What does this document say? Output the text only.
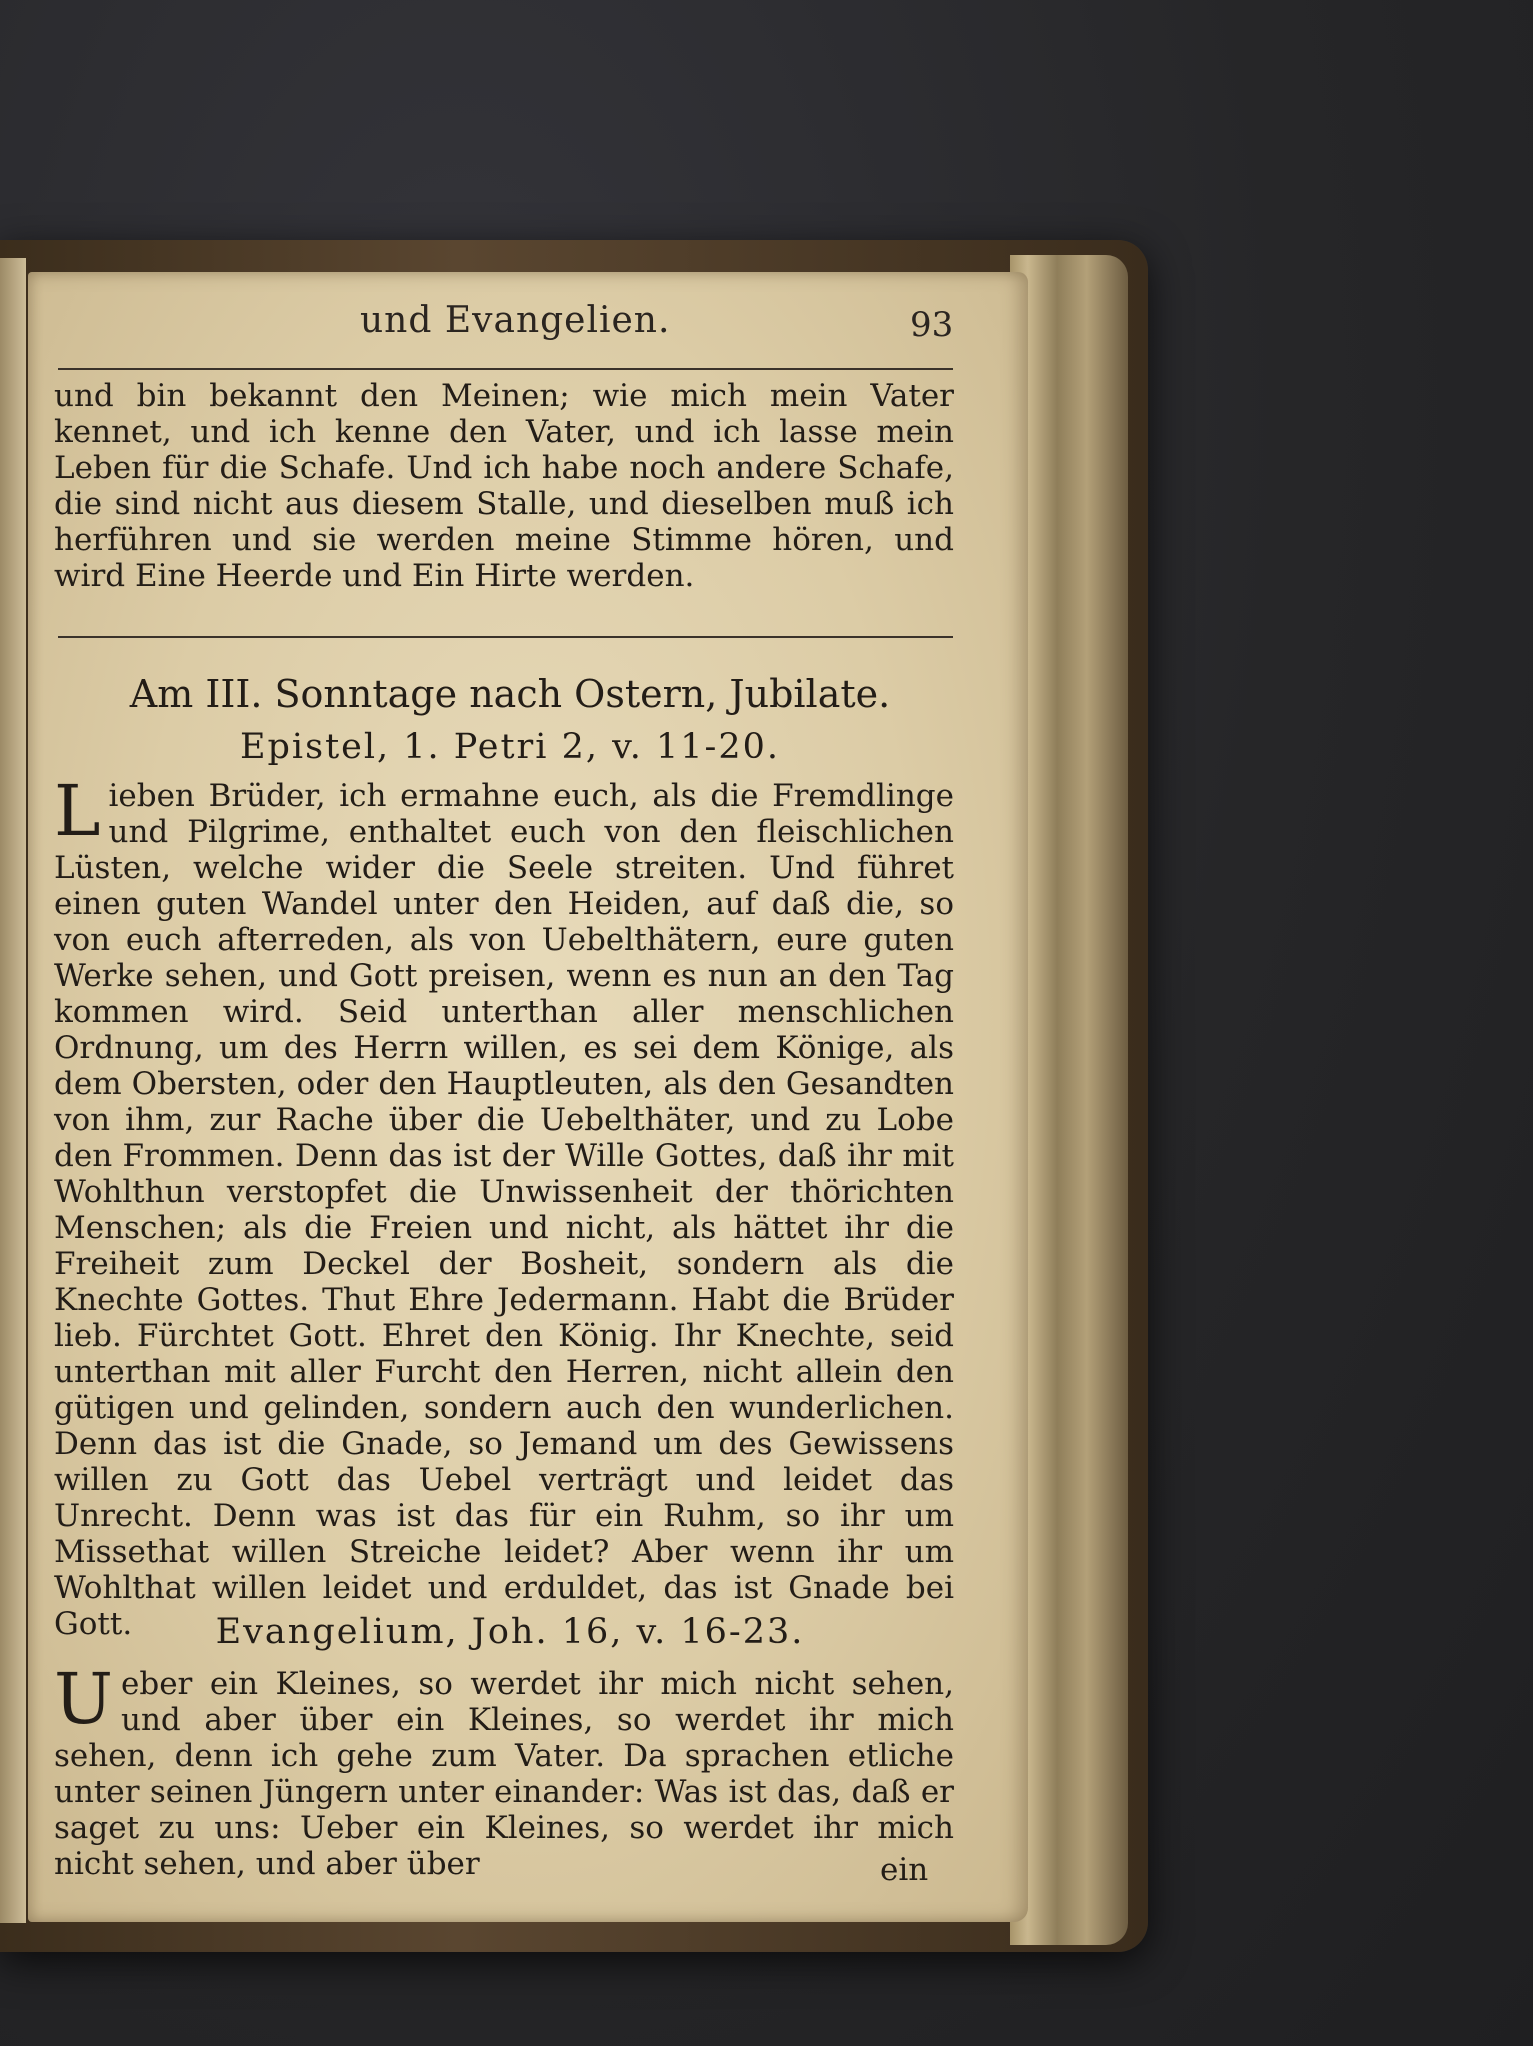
und Evangelien.	93

und bin bekannt den Meinen; wie mich mein Vater kennet, und ich kenne den Vater, und ich lasse mein Leben für die Schafe. Und ich habe noch andere Schafe, die sind nicht aus diesem Stalle, und dieselben muß ich herführen und sie werden meine Stimme hören, und wird Eine Heerde und Ein Hirte werden.

Am III. Sonntage nach Ostern, Jubilate.
Epistel, 1. Petri 2, v. 11-20.

Lieben Brüder, ich ermahne euch, als die Fremdlinge und Pilgrime, enthaltet euch von den fleischlichen Lüsten, welche wider die Seele streiten. Und führet einen guten Wandel unter den Heiden, auf daß die, so von euch afterreden, als von Uebelthätern, eure guten Werke sehen, und Gott preisen, wenn es nun an den Tag kommen wird. Seid unterthan aller menschlichen Ordnung, um des Herrn willen, es sei dem Könige, als dem Obersten, oder den Hauptleuten, als den Gesandten von ihm, zur Rache über die Uebelthäter, und zu Lobe den Frommen. Denn das ist der Wille Gottes, daß ihr mit Wohlthun verstopfet die Unwissenheit der thörichten Menschen; als die Freien und nicht, als hättet ihr die Freiheit zum Deckel der Bosheit, sondern als die Knechte Gottes. Thut Ehre Jedermann. Habt die Brüder lieb. Fürchtet Gott. Ehret den König. Ihr Knechte, seid unterthan mit aller Furcht den Herren, nicht allein den gütigen und gelinden, sondern auch den wunderlichen. Denn das ist die Gnade, so Jemand um des Gewissens willen zu Gott das Uebel verträgt und leidet das Unrecht. Denn was ist das für ein Ruhm, so ihr um Missethat willen Streiche leidet? Aber wenn ihr um Wohlthat willen leidet und erduldet, das ist Gnade bei Gott.	Evangelium, Joh. 16, v. 16-23.

Ueber ein Kleines, so werdet ihr mich nicht sehen, und aber über ein Kleines, so werdet ihr mich sehen, denn ich gehe zum Vater. Da sprachen etliche unter seinen Jüngern unter einander: Was ist das, daß er saget zu uns: Ueber ein Kleines, so werdet ihr mich nicht sehen, und aber über	ein
